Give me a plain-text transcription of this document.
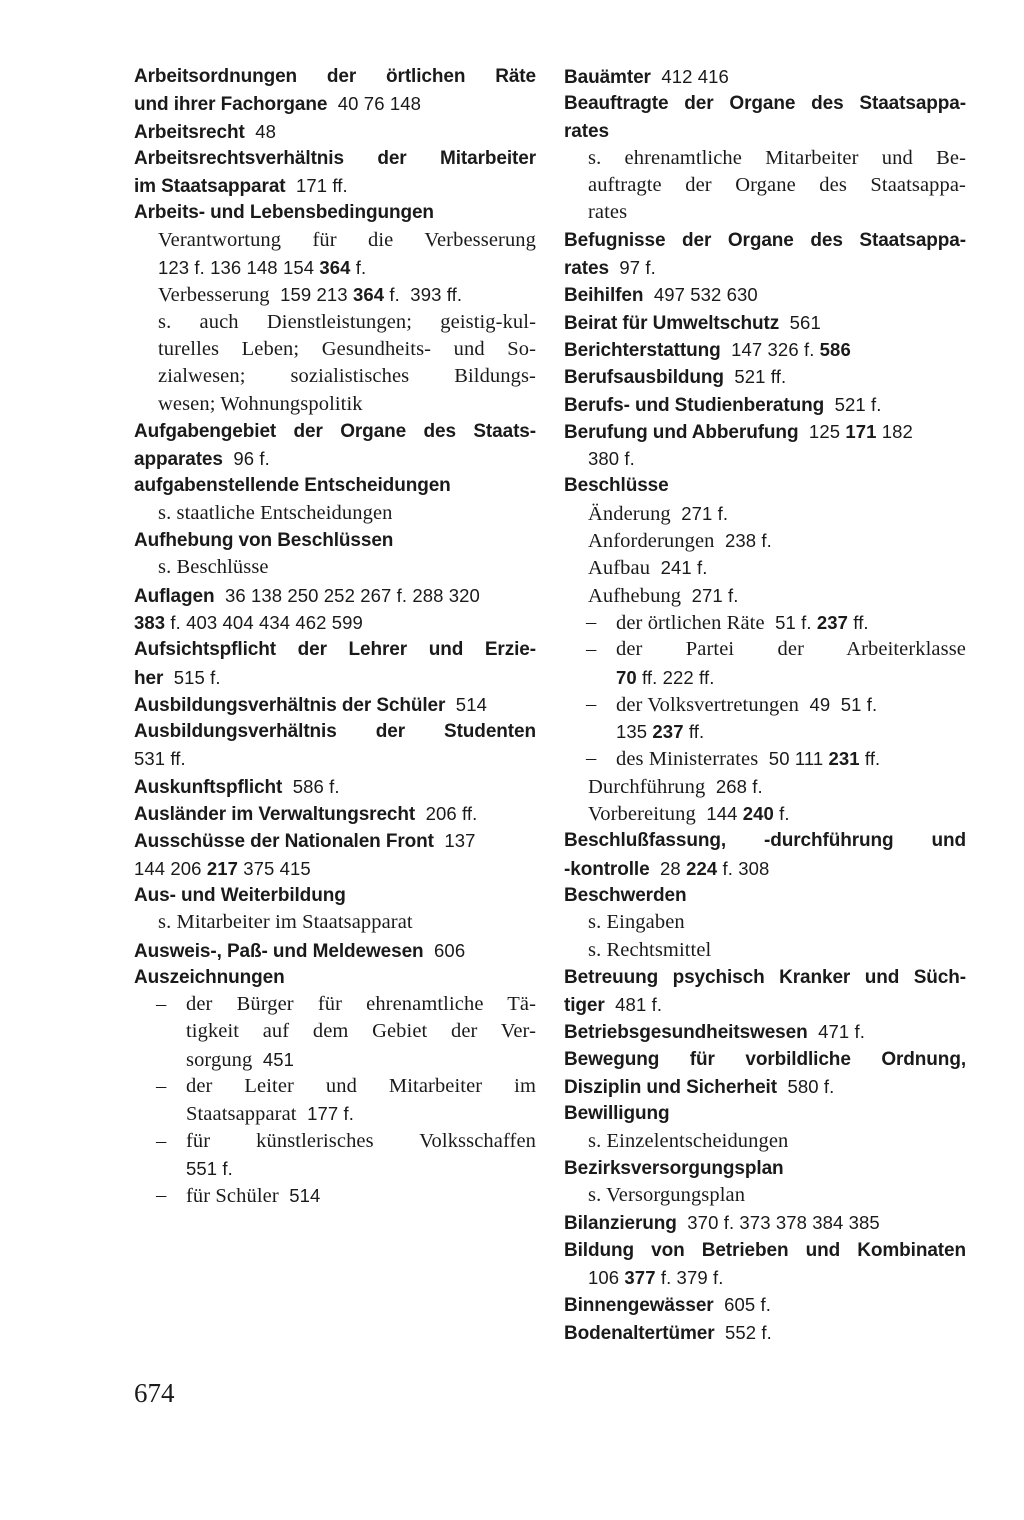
Arbeitsordnungen der örtlichen Räte
und ihrer Fachorgane  40 76 148
Arbeitsrecht  48
Arbeitsrechtsverhältnis der Mitarbeiter
im Staatsapparat  171 ff.
Arbeits- und Lebensbedingungen
Verantwortung für die Verbesserung
123 f. 136 148 154 364 f.
Verbesserung  159 213 364 f.  393 ff.
s. auch Dienstleistungen; geistig-kul-
turelles Leben; Gesundheits- und So-
zialwesen; sozialistisches Bildungs-
wesen; Wohnungspolitik
Aufgabengebiet der Organe des Staats-
apparates  96 f.
aufgabenstellende Entscheidungen
s. staatliche Entscheidungen
Aufhebung von Beschlüssen
s. Beschlüsse
Auflagen  36 138 250 252 267 f. 288 320
383 f. 403 404 434 462 599
Aufsichtspflicht der Lehrer und Erzie-
her  515 f.
Ausbildungsverhältnis der Schüler  514
Ausbildungsverhältnis der Studenten
531 ff.
Auskunftspflicht  586 f.
Ausländer im Verwaltungsrecht  206 ff.
Ausschüsse der Nationalen Front  137
144 206 217 375 415
Aus- und Weiterbildung
s. Mitarbeiter im Staatsapparat
Ausweis-, Paß- und Meldewesen  606
Auszeichnungen
– der Bürger für ehrenamtliche Tä-
tigkeit auf dem Gebiet der Ver-
sorgung  451
– der Leiter und Mitarbeiter im
Staatsapparat  177 f.
– für künstlerisches Volksschaffen
551 f.
– für Schüler  514
Bauämter  412 416
Beauftragte der Organe des Staatsappa-
rates
s. ehrenamtliche Mitarbeiter und Be-
auftragte der Organe des Staatsappa-
rates
Befugnisse der Organe des Staatsappa-
rates  97 f.
Beihilfen  497 532 630
Beirat für Umweltschutz  561
Berichterstattung  147 326 f. 586
Berufsausbildung  521 ff.
Berufs- und Studienberatung  521 f.
Berufung und Abberufung  125 171 182
380 f.
Beschlüsse
Änderung  271 f.
Anforderungen  238 f.
Aufbau  241 f.
Aufhebung  271 f.
– der örtlichen Räte  51 f. 237 ff.
– der Partei der Arbeiterklasse
70 ff. 222 ff.
– der Volksvertretungen  49  51 f.
135 237 ff.
– des Ministerrates  50 111 231 ff.
Durchführung  268 f.
Vorbereitung  144 240 f.
Beschlußfassung, -durchführung und
-kontrolle  28 224 f. 308
Beschwerden
s. Eingaben
s. Rechtsmittel
Betreuung psychisch Kranker und Süch-
tiger  481 f.
Betriebsgesundheitswesen  471 f.
Bewegung für vorbildliche Ordnung,
Disziplin und Sicherheit  580 f.
Bewilligung
s. Einzelentscheidungen
Bezirksversorgungsplan
s. Versorgungsplan
Bilanzierung  370 f. 373 378 384 385
Bildung von Betrieben und Kombinaten
106 377 f. 379 f.
Binnengewässer  605 f.
Bodenaltertümer  552 f.
674
